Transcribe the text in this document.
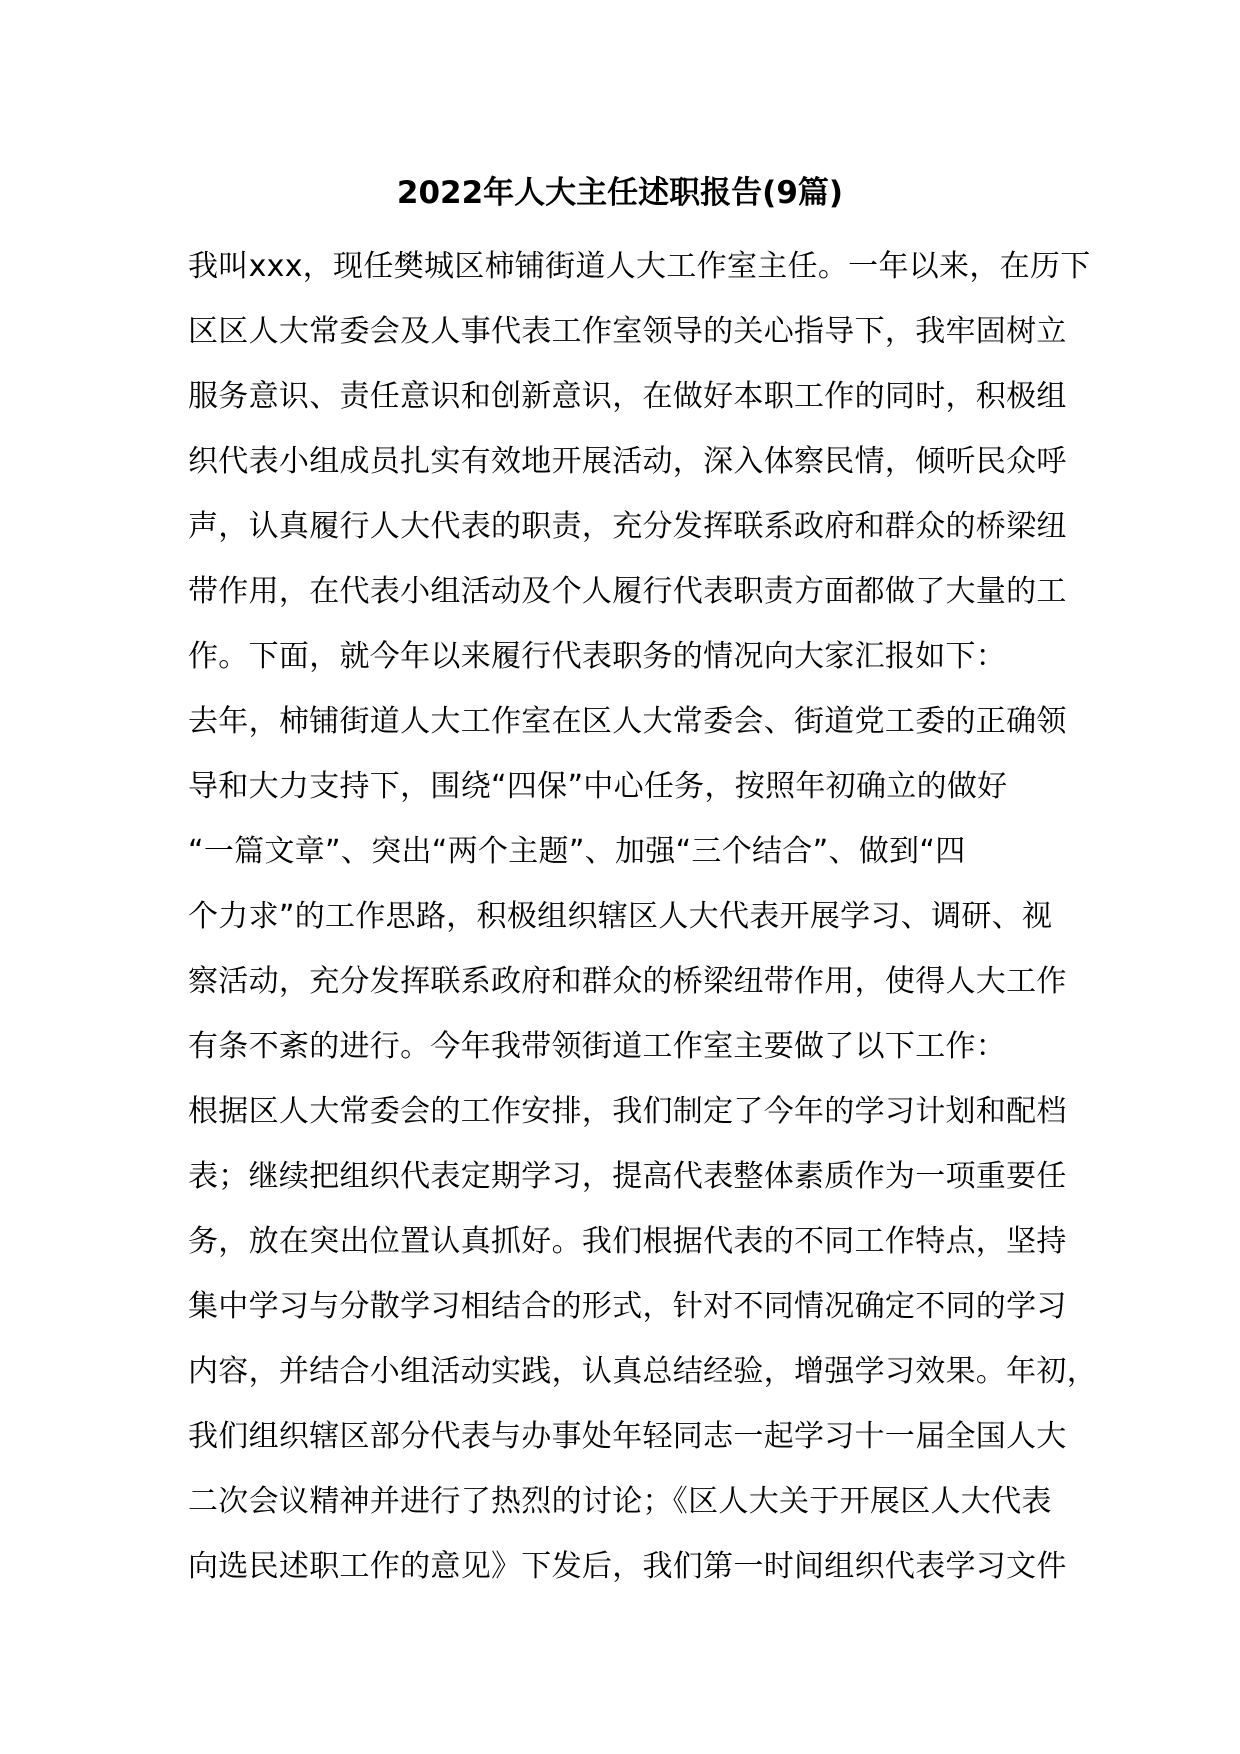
2022年人大主任述职报告(9篇)
我叫xxx，现任樊城区柿铺街道人大工作室主任。一年以来，在历下
区区人大常委会及人事代表工作室领导的关心指导下，我牢固树立
服务意识、责任意识和创新意识，在做好本职工作的同时，积极组
织代表小组成员扎实有效地开展活动，深入体察民情，倾听民众呼
声，认真履行人大代表的职责，充分发挥联系政府和群众的桥梁纽
带作用，在代表小组活动及个人履行代表职责方面都做了大量的工
作。下面，就今年以来履行代表职务的情况向大家汇报如下：
去年，柿铺街道人大工作室在区人大常委会、街道党工委的正确领
导和大力支持下，围绕“四保”中心任务，按照年初确立的做好
“一篇文章”、突出“两个主题”、加强“三个结合”、做到“四
个力求”的工作思路，积极组织辖区人大代表开展学习、调研、视
察活动，充分发挥联系政府和群众的桥梁纽带作用，使得人大工作
有条不紊的进行。今年我带领街道工作室主要做了以下工作：
根据区人大常委会的工作安排，我们制定了今年的学习计划和配档
表；继续把组织代表定期学习，提高代表整体素质作为一项重要任
务，放在突出位置认真抓好。我们根据代表的不同工作特点，坚持
集中学习与分散学习相结合的形式，针对不同情况确定不同的学习
内容，并结合小组活动实践，认真总结经验，增强学习效果。年初，
我们组织辖区部分代表与办事处年轻同志一起学习十一届全国人大
二次会议精神并进行了热烈的讨论；《区人大关于开展区人大代表
向选民述职工作的意见》下发后，我们第一时间组织代表学习文件
